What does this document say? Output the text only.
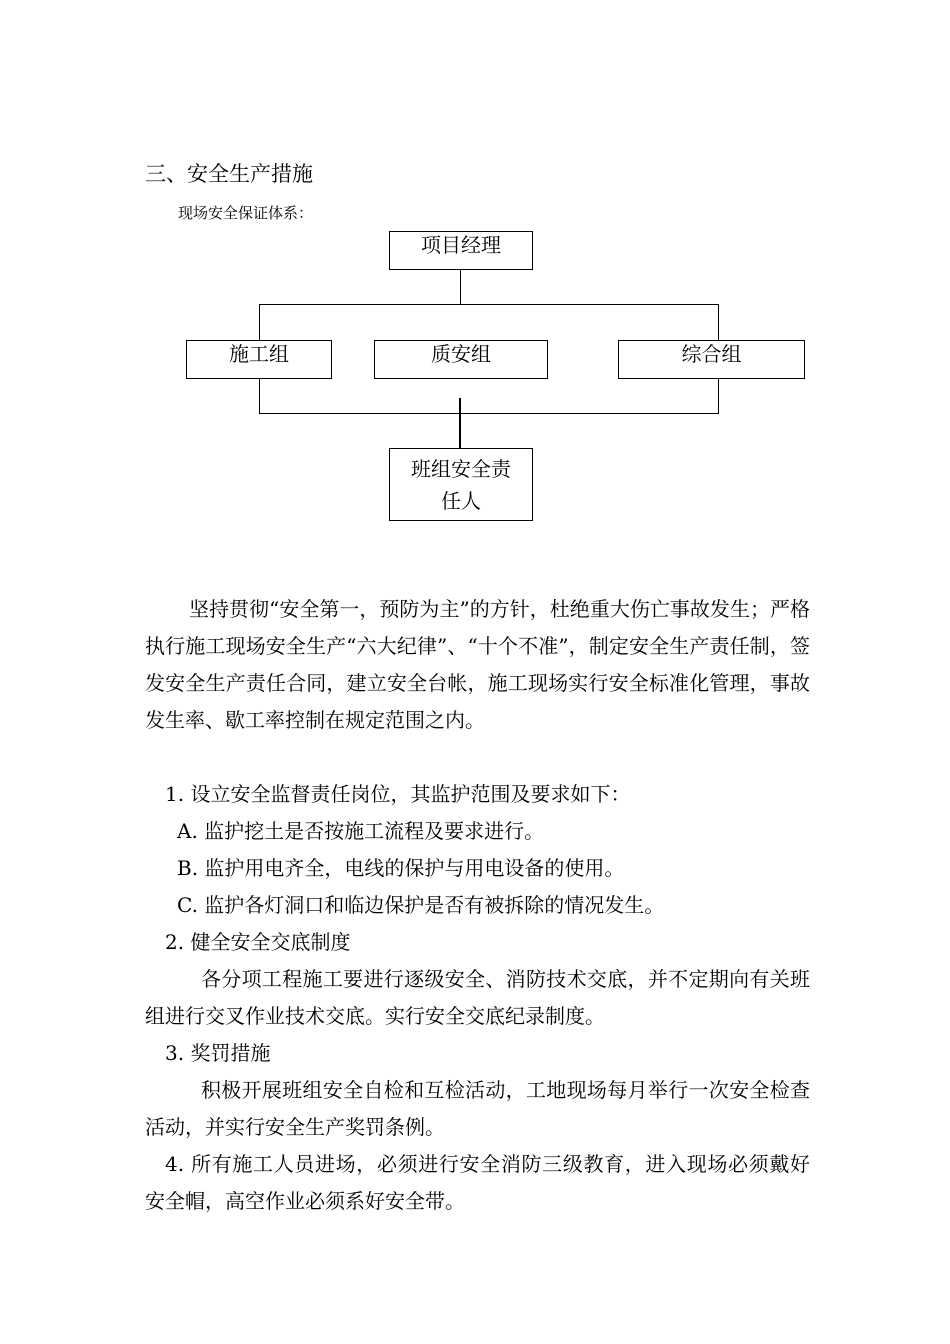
三、安全生产措施
现场安全保证体系：
项目经理
施工组	质安组	综合组
班组安全责任人
坚持贯彻“安全第一，预防为主”的方针，杜绝重大伤亡事故发生；严格执行施工现场安全生产“六大纪律”、“十个不准”，制定安全生产责任制，签发安全生产责任合同，建立安全台帐，施工现场实行安全标准化管理，事故发生率、歇工率控制在规定范围之内。
1. 设立安全监督责任岗位，其监护范围及要求如下：
A. 监护挖土是否按施工流程及要求进行。
B. 监护用电齐全，电线的保护与用电设备的使用。
C. 监护各灯洞口和临边保护是否有被拆除的情况发生。
2. 健全安全交底制度
各分项工程施工要进行逐级安全、消防技术交底，并不定期向有关班组进行交叉作业技术交底。实行安全交底纪录制度。
3. 奖罚措施
积极开展班组安全自检和互检活动，工地现场每月举行一次安全检查活动，并实行安全生产奖罚条例。
4. 所有施工人员进场，必须进行安全消防三级教育，进入现场必须戴好安全帽，高空作业必须系好安全带。
